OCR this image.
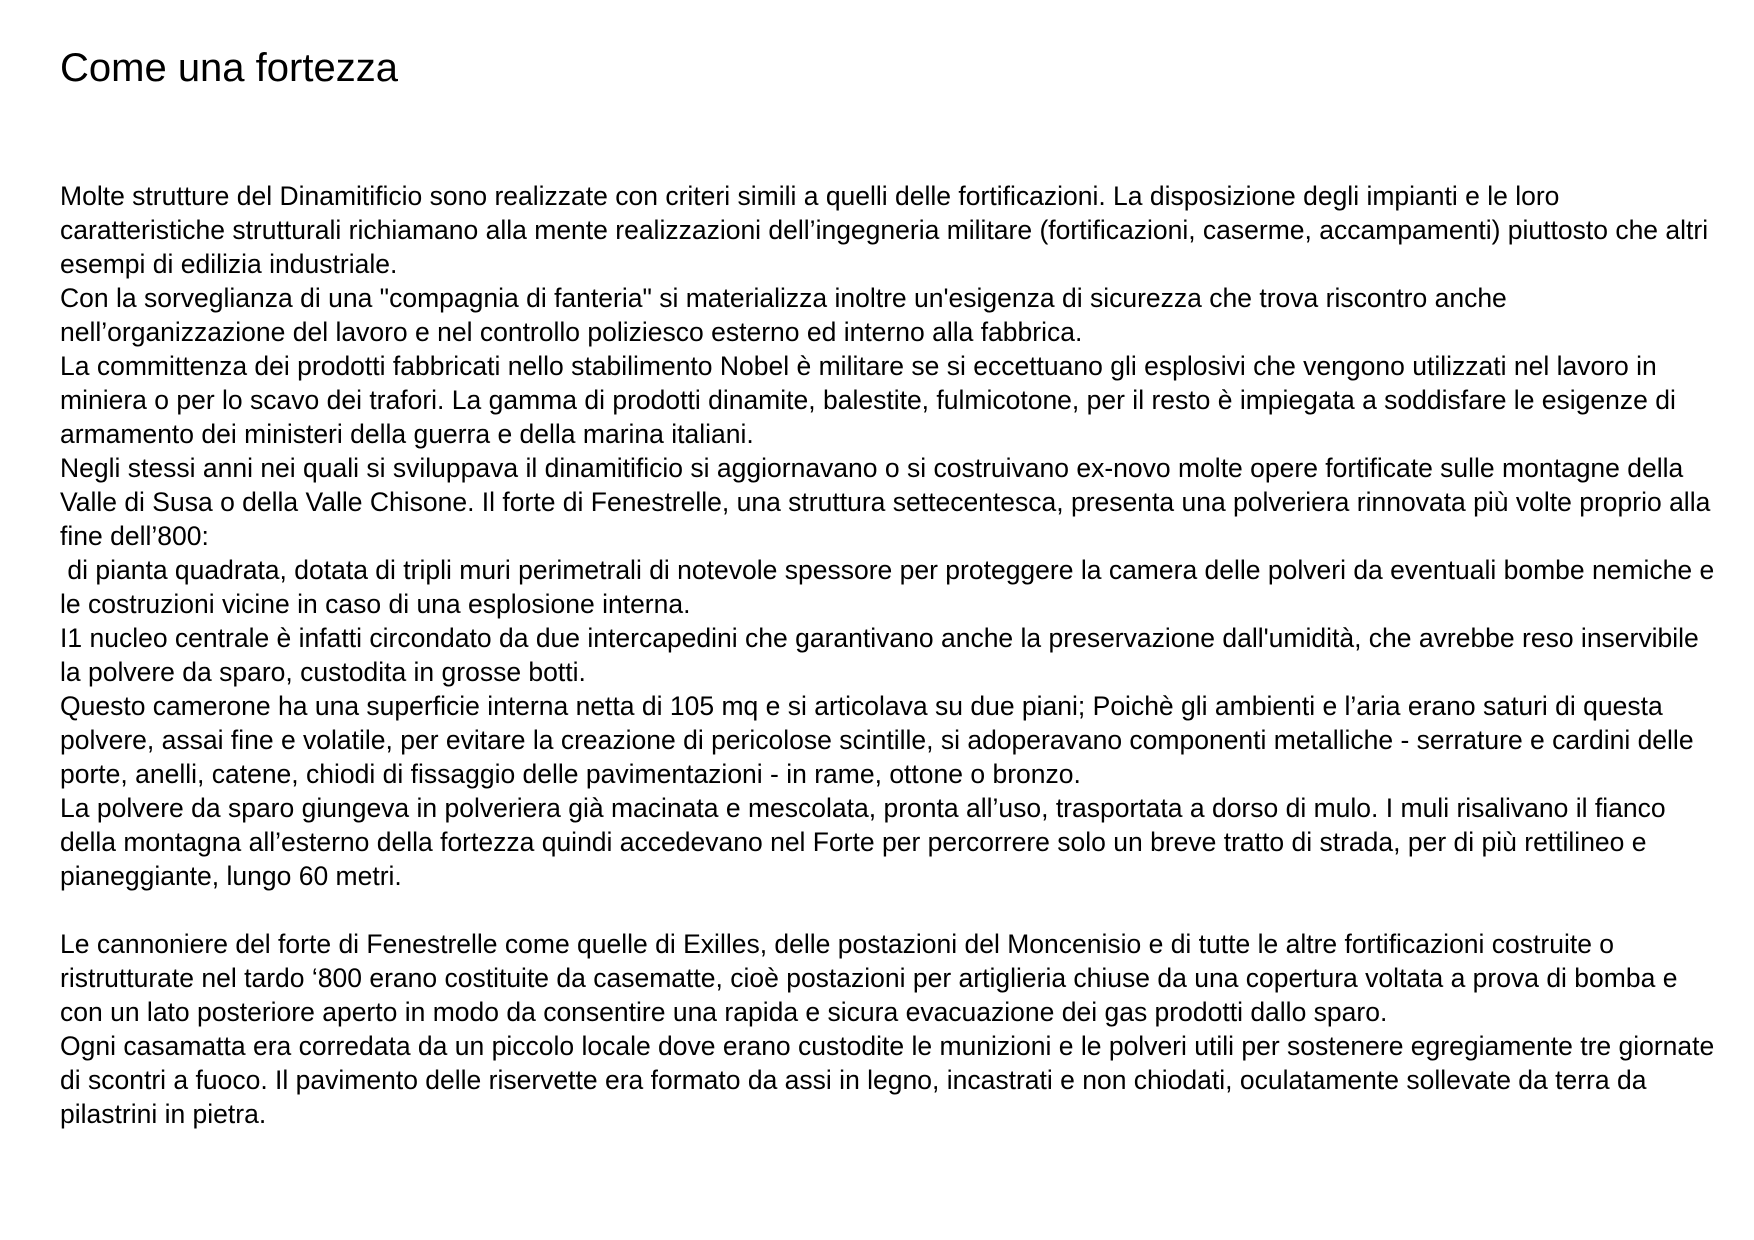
Come una fortezza

Molte strutture del Dinamitificio sono realizzate con criteri simili a quelli delle fortificazioni. La disposizione degli impianti e le loro caratteristiche strutturali richiamano alla mente realizzazioni dell’ingegneria militare (fortificazioni, caserme, accampamenti) piuttosto che altri esempi di edilizia industriale.

Con la sorveglianza di una "compagnia di fanteria" si materializza inoltre un'esigenza di sicurezza che trova riscontro anche nell’organizzazione del lavoro e nel controllo poliziesco esterno ed interno alla fabbrica.

La committenza dei prodotti fabbricati nello stabilimento Nobel è militare se si eccettuano gli esplosivi che vengono utilizzati nel lavoro in miniera o per lo scavo dei trafori. La gamma di prodotti dinamite, balestite, fulmicotone, per il resto è impiegata a soddisfare le esigenze di armamento dei ministeri della guerra e della marina italiani.

Negli stessi anni nei quali si sviluppava il dinamitificio si aggiornavano o si costruivano ex-novo molte opere fortificate sulle montagne della Valle di Susa o della Valle Chisone. Il forte di Fenestrelle, una struttura settecentesca, presenta una polveriera rinnovata più volte proprio alla fine dell’800:

di pianta quadrata, dotata di tripli muri perimetrali di notevole spessore per proteggere la camera delle polveri da eventuali bombe nemiche e le costruzioni vicine in caso di una esplosione interna.

I1 nucleo centrale è infatti circondato da due intercapedini che garantivano anche la preservazione dall'umidità, che avrebbe reso inservibile la polvere da sparo, custodita in grosse botti.

Questo camerone ha una superficie interna netta di 105 mq e si articolava su due piani; Poichè gli ambienti e l’aria erano saturi di questa polvere, assai fine e volatile, per evitare la creazione di pericolose scintille, si adoperavano componenti metalliche - serrature e cardini delle porte, anelli, catene, chiodi di fissaggio delle pavimentazioni - in rame, ottone o bronzo.

La polvere da sparo giungeva in polveriera già macinata e mescolata, pronta all’uso, trasportata a dorso di mulo. I muli risalivano il fianco della montagna all’esterno della fortezza quindi accedevano nel Forte per percorrere solo un breve tratto di strada, per di più rettilineo e pianeggiante, lungo 60 metri.

Le cannoniere del forte di Fenestrelle come quelle di Exilles, delle postazioni del Moncenisio e di tutte le altre fortificazioni costruite o ristrutturate nel tardo ‘800 erano costituite da casematte, cioè postazioni per artiglieria chiuse da una copertura voltata a prova di bomba e con un lato posteriore aperto in modo da consentire una rapida e sicura evacuazione dei gas prodotti dallo sparo.

Ogni casamatta era corredata da un piccolo locale dove erano custodite le munizioni e le polveri utili per sostenere egregiamente tre giornate di scontri a fuoco. Il pavimento delle riservette era formato da assi in legno, incastrati e non chiodati, oculatamente sollevate da terra da pilastrini in pietra.
